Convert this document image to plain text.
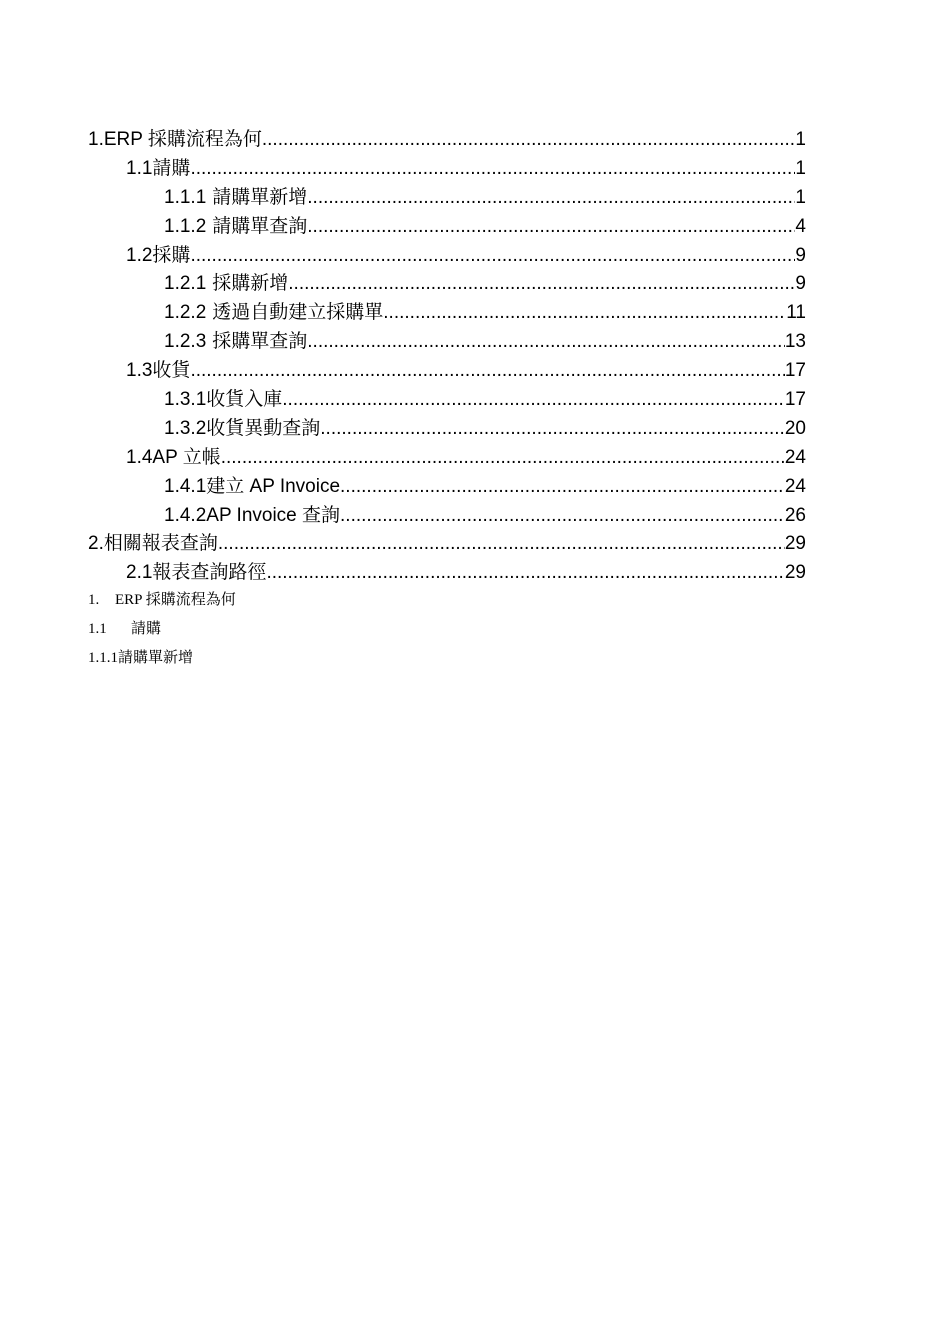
1. ERP 採購流程為何 .....	1
1.1 請購 .....	1
1.1.1 請購單新增 .....	1
1.1.2 請購單查詢 .....	4
1.2 採購 .....	9
1.2.1 採購新增 .....	9
1.2.2 透過自動建立採購單 .....	11
1.2.3 採購單查詢 .....	13
1.3 收貨 .....	17
1.3.1 收貨入庫 .....	17
1.3.2 收貨異動查詢 .....	20
1.4 AP 立帳 .....	24
1.4.1 建立 AP Invoice .....	24
1.4.2 AP Invoice 查詢 .....	26
2. 相關報表查詢 .....	29
2.1 報表查詢路徑 .....	29
1. ERP 採購流程為何
1.1 請購
1.1.1請購單新增
